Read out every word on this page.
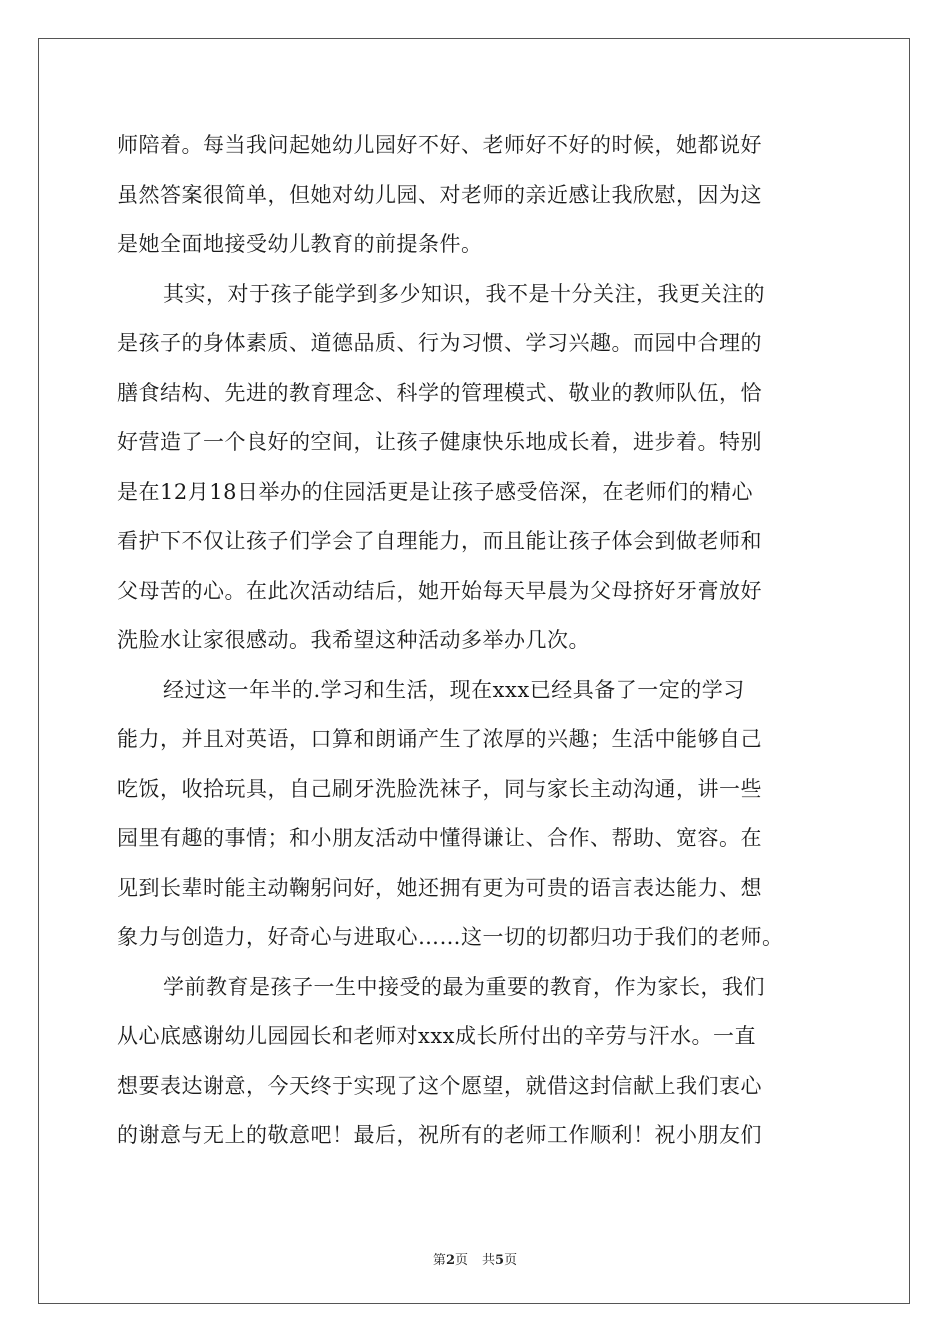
师陪着。每当我问起她幼儿园好不好、老师好不好的时候，她都说好
虽然答案很简单，但她对幼儿园、对老师的亲近感让我欣慰，因为这
是她全面地接受幼儿教育的前提条件。
其实，对于孩子能学到多少知识，我不是十分关注，我更关注的
是孩子的身体素质、道德品质、行为习惯、学习兴趣。而园中合理的
膳食结构、先进的教育理念、科学的管理模式、敬业的教师队伍，恰
好营造了一个良好的空间，让孩子健康快乐地成长着，进步着。特别
是在12月18日举办的住园活更是让孩子感受倍深，在老师们的精心
看护下不仅让孩子们学会了自理能力，而且能让孩子体会到做老师和
父母苦的心。在此次活动结后，她开始每天早晨为父母挤好牙膏放好
洗脸水让家很感动。我希望这种活动多举办几次。
经过这一年半的.学习和生活，现在xxx已经具备了一定的学习
能力，并且对英语，口算和朗诵产生了浓厚的兴趣；生活中能够自己
吃饭，收拾玩具，自己刷牙洗脸洗袜子，同与家长主动沟通，讲一些
园里有趣的事情；和小朋友活动中懂得谦让、合作、帮助、宽容。在
见到长辈时能主动鞠躬问好，她还拥有更为可贵的语言表达能力、想
象力与创造力，好奇心与进取心……这一切的切都归功于我们的老师。
学前教育是孩子一生中接受的最为重要的教育，作为家长，我们
从心底感谢幼儿园园长和老师对xxx成长所付出的辛劳与汗水。一直
想要表达谢意，今天终于实现了这个愿望，就借这封信献上我们衷心
的谢意与无上的敬意吧！最后，祝所有的老师工作顺利！祝小朋友们
第2页 共5页
